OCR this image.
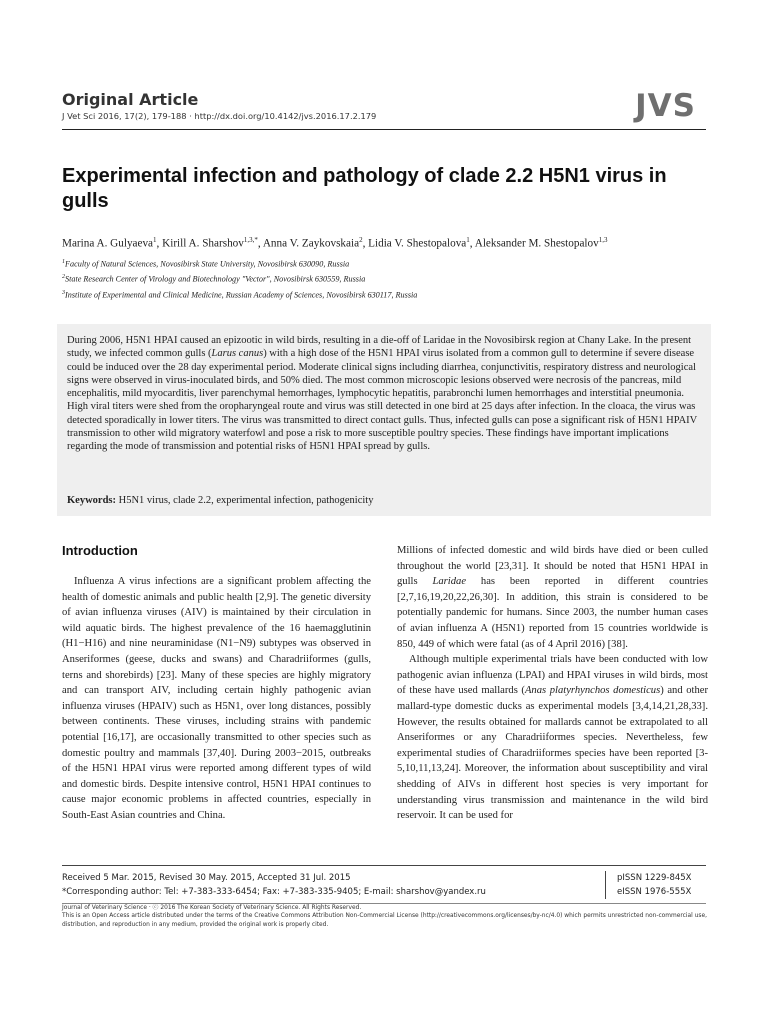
Original Article
J Vet Sci 2016, 17(2), 179-188 · http://dx.doi.org/10.4142/jvs.2016.17.2.179	JVS
Experimental infection and pathology of clade 2.2 H5N1 virus in gulls
Marina A. Gulyaeva$^1$, Kirill A. Sharshov$^{1,3,*}$, Anna V. Zaykovskaia$^2$, Lidia V. Shestopalova$^1$, Aleksander M. Shestopalov$^{1,3}$
$^1$Faculty of Natural Sciences, Novosibirsk State University, Novosibirsk 630090, Russia
$^2$State Research Center of Virology and Biotechnology "Vector", Novosibirsk 630559, Russia
$^3$Institute of Experimental and Clinical Medicine, Russian Academy of Sciences, Novosibirsk 630117, Russia
During 2006, H5N1 HPAI caused an epizootic in wild birds, resulting in a die-off of Laridae in the Novosibirsk region at Chany Lake. In the present study, we infected common gulls (Larus canus) with a high dose of the H5N1 HPAI virus isolated from a common gull to determine if severe disease could be induced over the 28 day experimental period. Moderate clinical signs including diarrhea, conjunctivitis, respiratory distress and neurological signs were observed in virus-inoculated birds, and 50% died. The most common microscopic lesions observed were necrosis of the pancreas, mild encephalitis, mild myocarditis, liver parenchymal hemorrhages, lymphocytic hepatitis, parabronchi lumen hemorrhages and interstitial pneumonia. High viral titers were shed from the oropharyngeal route and virus was still detected in one bird at 25 days after infection. In the cloaca, the virus was detected sporadically in lower titers. The virus was transmitted to direct contact gulls. Thus, infected gulls can pose a significant risk of H5N1 HPAIV transmission to other wild migratory waterfowl and pose a risk to more susceptible poultry species. These findings have important implications regarding the mode of transmission and potential risks of H5N1 HPAI spread by gulls.
Keywords: H5N1 virus, clade 2.2, experimental infection, pathogenicity
Introduction

Influenza A virus infections are a significant problem affecting the health of domestic animals and public health [2,9]. The genetic diversity of avian influenza viruses (AIV) is maintained by their circulation in wild aquatic birds. The highest prevalence of the 16 haemagglutinin (H1−H16) and nine neuraminidase (N1−N9) subtypes was observed in Anseriformes (geese, ducks and swans) and Charadriiformes (gulls, terns and shorebirds) [23]. Many of these species are highly migratory and can transport AIV, including certain highly pathogenic avian influenza viruses (HPAIV) such as H5N1, over long distances, possibly between continents. These viruses, including strains with pandemic potential [16,17], are occasionally transmitted to other species such as domestic poultry and mammals [37,40]. During 2003−2015, outbreaks of the H5N1 HPAI virus were reported among different types of wild and domestic birds. Despite intensive control, H5N1 HPAI continues to cause major economic problems in affected countries, especially in South-East Asian countries and China.

Millions of infected domestic and wild birds have died or been culled throughout the world [23,31]. It should be noted that H5N1 HPAI in gulls Laridae has been reported in different countries [2,7,16,19,20,22,26,30]. In addition, this strain is considered to be potentially pandemic for humans. Since 2003, the number human cases of avian influenza A (H5N1) reported from 15 countries worldwide is 850, 449 of which were fatal (as of 4 April 2016) [38].

Although multiple experimental trials have been conducted with low pathogenic avian influenza (LPAI) and HPAI viruses in wild birds, most of these have used mallards (Anas platyrhynchos domesticus) and other mallard-type domestic ducks as experimental models [3,4,14,21,28,33]. However, the results obtained for mallards cannot be extrapolated to all Anseriformes or any Charadriiformes species. Nevertheless, few experimental studies of Charadriiformes species have been reported [3-5,10,11,13,24]. Moreover, the information about susceptibility and viral shedding of AIVs in different host species is very important for understanding virus transmission and maintenance in the wild bird reservoir. It can be used for

Received 5 Mar. 2015, Revised 30 May. 2015, Accepted 31 Jul. 2015
*Corresponding author: Tel: +7-383-333-6454; Fax: +7-383-335-9405; E-mail: sharshov@yandex.ru
pISSN 1229-845X
eISSN 1976-555X
Journal of Veterinary Science · ⓒ 2016 The Korean Society of Veterinary Science. All Rights Reserved.
This is an Open Access article distributed under the terms of the Creative Commons Attribution Non-Commercial License (http://creativecommons.org/licenses/by-nc/4.0) which permits unrestricted non-commercial use, distribution, and reproduction in any medium, provided the original work is properly cited.
